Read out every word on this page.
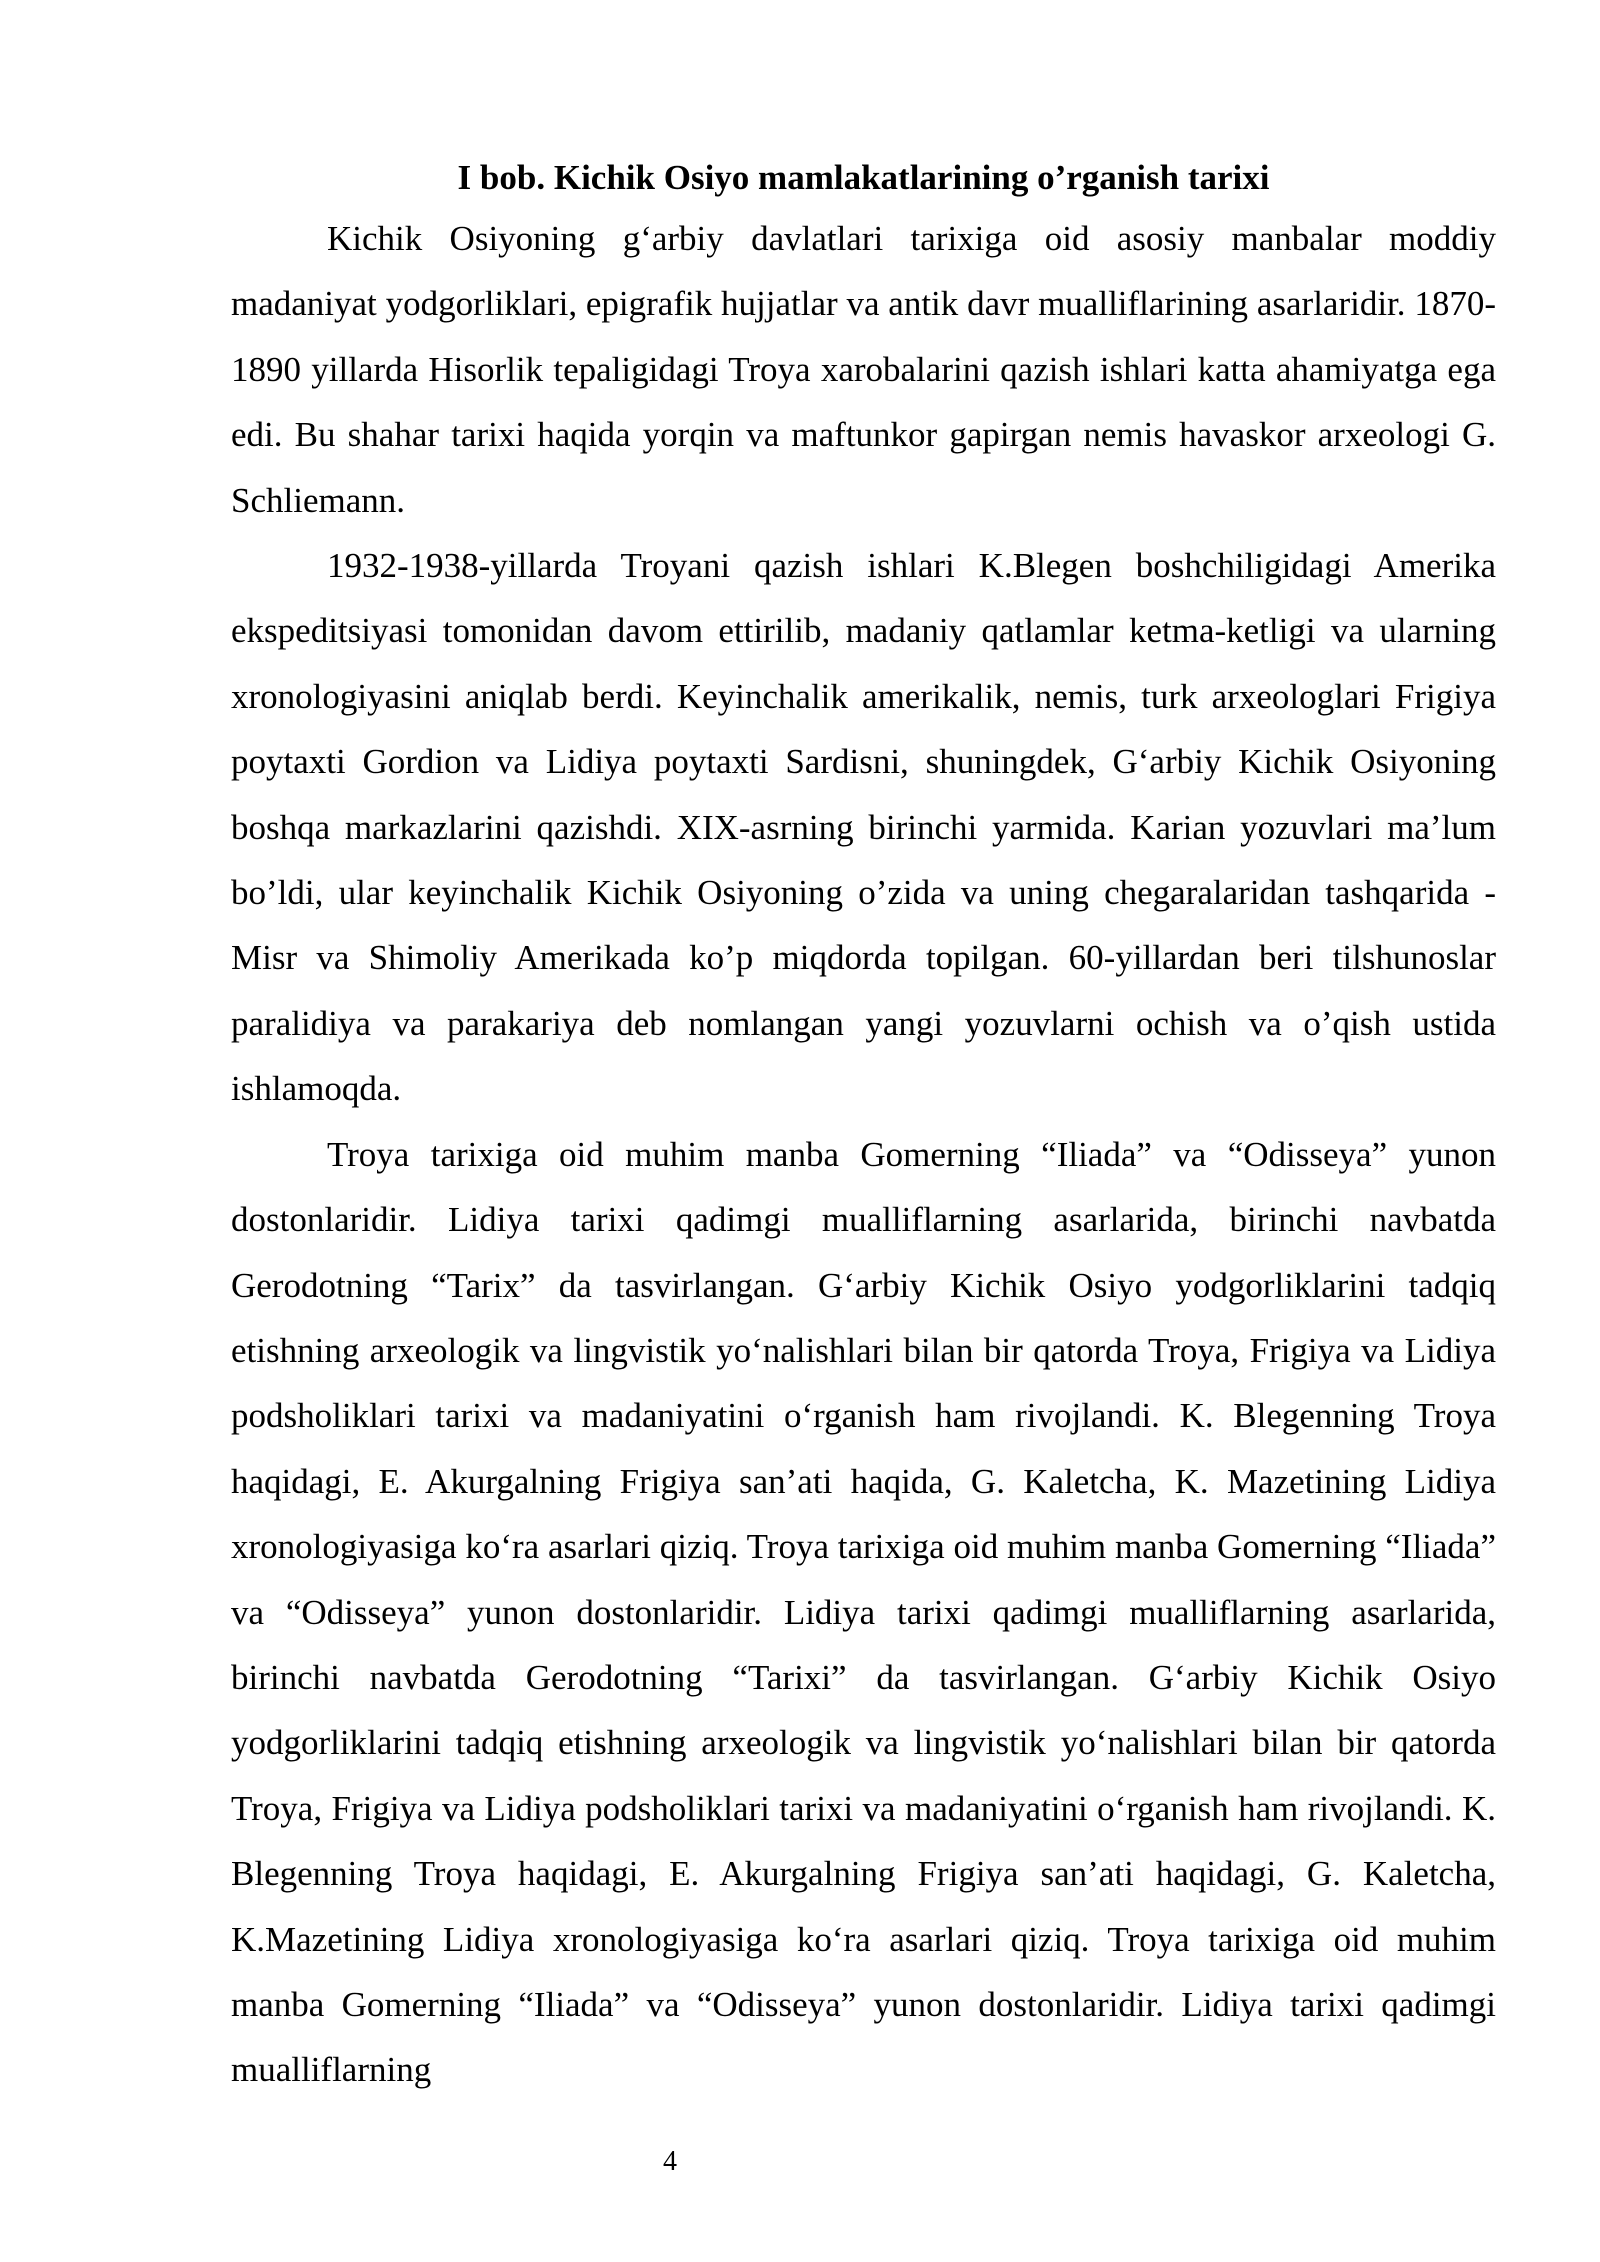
I bob. Kichik Osiyo mamlakatlarining o’rganish tarixi

Kichik Osiyoning g‘arbiy davlatlari tarixiga oid asosiy manbalar moddiy madaniyat yodgorliklari, epigrafik hujjatlar va antik davr mualliflarining asarlaridir. 1870-1890 yillarda Hisorlik tepaligidagi Troya xarobalarini qazish ishlari katta ahamiyatga ega edi. Bu shahar tarixi haqida yorqin va maftunkor gapirgan nemis havaskor arxeologi G. Schliemann.

1932-1938-yillarda Troyani qazish ishlari K.Blegen boshchiligidagi Amerika ekspeditsiyasi tomonidan davom ettirilib, madaniy qatlamlar ketma-ketligi va ularning xronologiyasini aniqlab berdi. Keyinchalik amerikalik, nemis, turk arxeologlari Frigiya poytaxti Gordion va Lidiya poytaxti Sardisni, shuningdek, G‘arbiy Kichik Osiyoning boshqa markazlarini qazishdi. XIX-asrning birinchi yarmida. Karian yozuvlari ma’lum bo’ldi, ular keyinchalik Kichik Osiyoning o’zida va uning chegaralaridan tashqarida - Misr va Shimoliy Amerikada ko’p miqdorda topilgan. 60-yillardan beri tilshunoslar paralidiya va parakariya deb nomlangan yangi yozuvlarni ochish va o’qish ustida ishlamoqda.

Troya tarixiga oid muhim manba Gomerning “Iliada” va “Odisseya” yunon dostonlaridir. Lidiya tarixi qadimgi mualliflarning asarlarida, birinchi navbatda Gerodotning “Tarix” da tasvirlangan. G‘arbiy Kichik Osiyo yodgorliklarini tadqiq etishning arxeologik va lingvistik yo‘nalishlari bilan bir qatorda Troya, Frigiya va Lidiya podsholiklari tarixi va madaniyatini o‘rganish ham rivojlandi. K. Blegenning Troya haqidagi, E. Akurgalning Frigiya san’ati haqida, G. Kaletcha, K. Mazetining Lidiya xronologiyasiga ko‘ra asarlari qiziq. Troya tarixiga oid muhim manba Gomerning “Iliada” va “Odisseya” yunon dostonlaridir. Lidiya tarixi qadimgi mualliflarning asarlarida, birinchi navbatda Gerodotning “Tarixi” da tasvirlangan. G‘arbiy Kichik Osiyo yodgorliklarini tadqiq etishning arxeologik va lingvistik yo‘nalishlari bilan bir qatorda Troya, Frigiya va Lidiya podsholiklari tarixi va madaniyatini o‘rganish ham rivojlandi. K. Blegenning Troya haqidagi, E. Akurgalning Frigiya san’ati haqidagi, G. Kaletcha, K.Mazetining Lidiya xronologiyasiga ko‘ra asarlari qiziq. Troya tarixiga oid muhim manba Gomerning “Iliada” va “Odisseya” yunon dostonlaridir. Lidiya tarixi qadimgi mualliflarning

4
